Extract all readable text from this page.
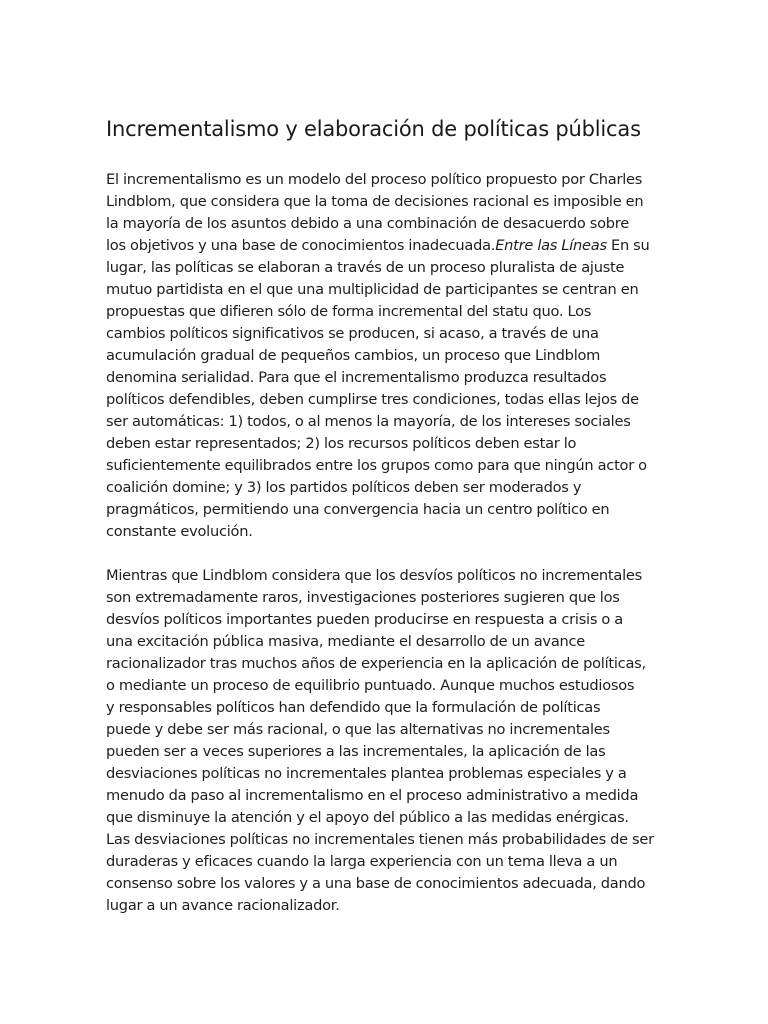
Incrementalismo y elaboración de políticas públicas

El incrementalismo es un modelo del proceso político propuesto por Charles
Lindblom, que considera que la toma de decisiones racional es imposible en
la mayoría de los asuntos debido a una combinación de desacuerdo sobre
los objetivos y una base de conocimientos inadecuada.Entre las Líneas En su
lugar, las políticas se elaboran a través de un proceso pluralista de ajuste
mutuo partidista en el que una multiplicidad de participantes se centran en
propuestas que difieren sólo de forma incremental del statu quo. Los
cambios políticos significativos se producen, si acaso, a través de una
acumulación gradual de pequeños cambios, un proceso que Lindblom
denomina serialidad. Para que el incrementalismo produzca resultados
políticos defendibles, deben cumplirse tres condiciones, todas ellas lejos de
ser automáticas: 1) todos, o al menos la mayoría, de los intereses sociales
deben estar representados; 2) los recursos políticos deben estar lo
suficientemente equilibrados entre los grupos como para que ningún actor o
coalición domine; y 3) los partidos políticos deben ser moderados y
pragmáticos, permitiendo una convergencia hacia un centro político en
constante evolución.

Mientras que Lindblom considera que los desvíos políticos no incrementales
son extremadamente raros, investigaciones posteriores sugieren que los
desvíos políticos importantes pueden producirse en respuesta a crisis o a
una excitación pública masiva, mediante el desarrollo de un avance
racionalizador tras muchos años de experiencia en la aplicación de políticas,
o mediante un proceso de equilibrio puntuado. Aunque muchos estudiosos
y responsables políticos han defendido que la formulación de políticas
puede y debe ser más racional, o que las alternativas no incrementales
pueden ser a veces superiores a las incrementales, la aplicación de las
desviaciones políticas no incrementales plantea problemas especiales y a
menudo da paso al incrementalismo en el proceso administrativo a medida
que disminuye la atención y el apoyo del público a las medidas enérgicas.
Las desviaciones políticas no incrementales tienen más probabilidades de ser
duraderas y eficaces cuando la larga experiencia con un tema lleva a un
consenso sobre los valores y a una base de conocimientos adecuada, dando
lugar a un avance racionalizador.
